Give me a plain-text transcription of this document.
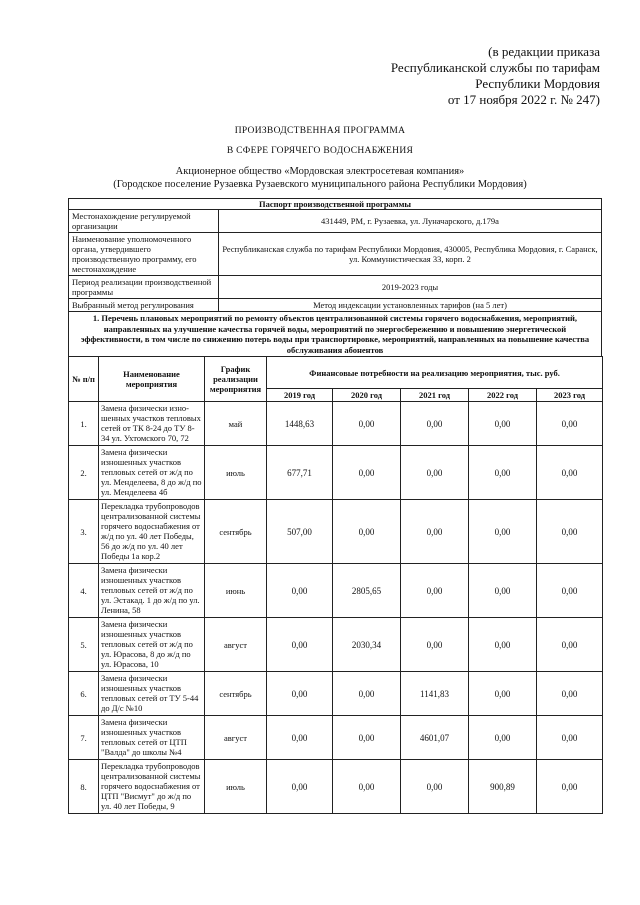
(в редакции приказа
Республиканской службы по тарифам
Республики Мордовия
от 17 ноября 2022 г. № 247)
ПРОИЗВОДСТВЕННАЯ ПРОГРАММА
В СФЕРЕ ГОРЯЧЕГО ВОДОСНАБЖЕНИЯ
Акционерное общество «Мордовская электросетевая компания»
(Городское поселение Рузаевка Рузаевского муниципального района Республики Мордовия)
Паспорт производственной программы	
Местонахождение регулируемой организации	431449, РМ, г. Рузаевка, ул. Луначарского, д.179а
Наименование уполномоченного органа, утвердившего производственную программу, его местонахождение	Республиканская служба по тарифам Республики Мордовия, 430005, Республика Мордовия, г. Саранск, ул. Коммунистическая 33, корп. 2
Период реализации производственной программы	2019-2023 годы
Выбранный метод регулирования	Метод индексации установленных тарифов (на 5 лет)
1. Перечень плановых мероприятий по ремонту объектов централизованной системы горячего водоснабжения, мероприятий, направленных на улучшение качества горячей воды, мероприятий по энергосбережению и повышению энергетической эффективности, в том числе по снижению потерь воды при транспортировке, мероприятий, направленных на повышение качества обслуживания абонентов	
№ п/п	Наименование мероприятия	График реализации мероприятия	Финансовые потребности на реализацию мероприятия, тыс. руб.				
			2019 год	2020 год	2021 год	2022 год	2023 год
1.	Замена физически изно-шенных участков тепловых сетей от ТК 8-24 до ТУ 8-34 ул. Ухтомского 70, 72	май	1448,63	0,00	0,00	0,00	0,00
2.	Замена физически изношенных участков тепловых сетей от ж/д по ул. Менделеева, 8 до ж/д по ул. Менделеева 4б	июль	677,71	0,00	0,00	0,00	0,00
3.	Перекладка трубопроводов централизованной системы горячего водоснабжения от ж/д по ул. 40 лет Победы, 56 до ж/д по ул. 40 лет Победы 1а кор.2	сентябрь	507,00	0,00	0,00	0,00	0,00
4.	Замена физически изношенных участков тепловых сетей от ж/д по ул. Эстакад. 1 до ж/д по ул. Ленина, 58	июнь	0,00	2805,65	0,00	0,00	0,00
5.	Замена физически изношенных участков тепловых сетей от ж/д по ул. Юрасова, 8 до ж/д по ул. Юрасова, 10	август	0,00	2030,34	0,00	0,00	0,00
6.	Замена физически изношенных участков тепловых сетей от ТУ 5-44 до Д/с №10	сентябрь	0,00	0,00	1141,83	0,00	0,00
7.	Замена физически изношенных участков тепловых сетей от ЦТП "Валда" до школы №4	август	0,00	0,00	4601,07	0,00	0,00
8.	Перекладка трубопроводов централизованной системы горячего водоснабжения от ЦТП "Висмут" до ж/д по ул. 40 лет Победы, 9	июль	0,00	0,00	0,00	900,89	0,00
